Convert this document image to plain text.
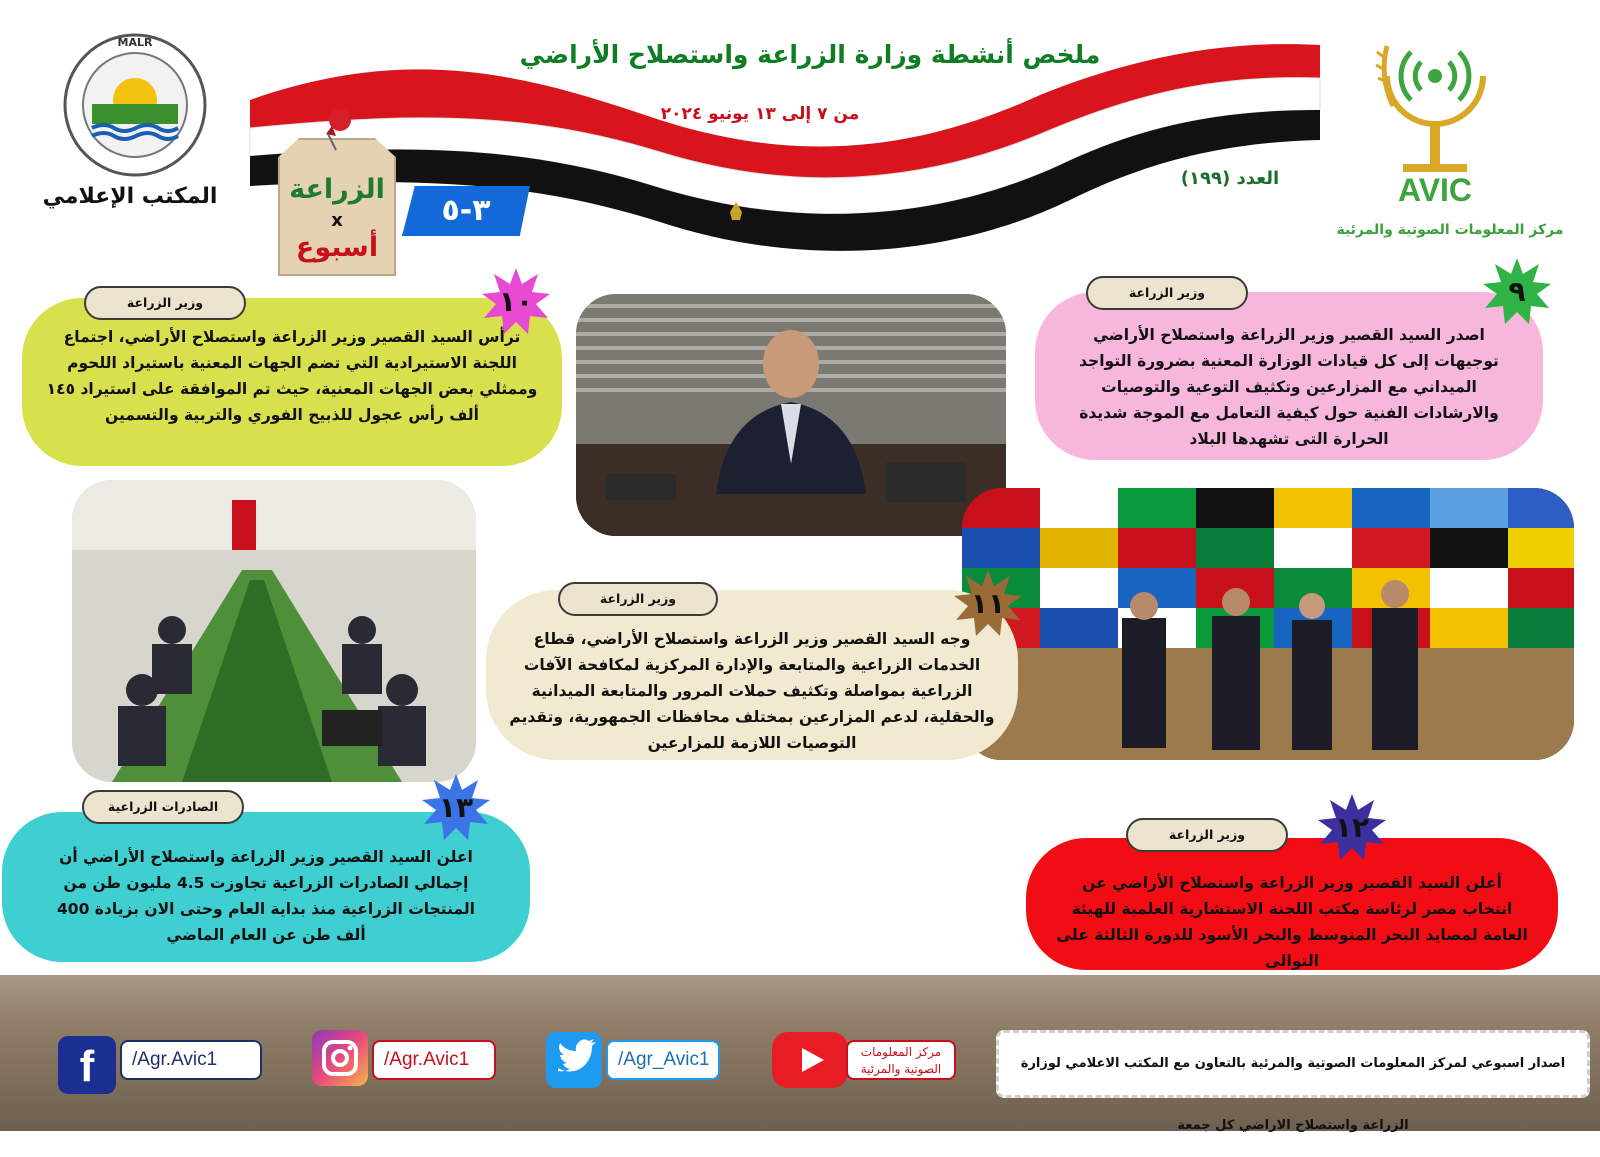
ملخص أنشطة وزارة الزراعة واستصلاح الأراضي
من ٧ إلى ١٣ يونيو ٢٠٢٤
العدد (١٩٩)
MALR
المكتب الإعلامي	AVIC
مركز المعلومات الصوتية والمرئية
الزراعة
x
أسبوع
٣-٥
ترأس السيد القصير وزير الزراعة واستصلاح الأراضي، اجتماع اللجنة الاستيرادية التي تضم الجهات المعنية باستيراد اللحوم وممثلي بعض الجهات المعنية، حيث تم الموافقة على استيراد ١٤٥ ألف رأس عجول للذبيح الفوري والتربية والتسمين
وزير الزراعة	١٠
اصدر السيد القصير وزير الزراعة واستصلاح الأراضي توجيهات إلى كل قيادات الوزارة المعنية بضرورة التواجد الميداني مع المزارعين وتكثيف التوعية والتوصيات والارشادات الفنية حول كيفية التعامل مع الموجة شديدة الحرارة التى تشهدها البلاد
وزير الزراعة	٩
وجه السيد القصير وزير الزراعة واستصلاح الأراضي، قطاع الخدمات الزراعية والمتابعة والإدارة المركزية لمكافحة الآفات الزراعية بمواصلة وتكثيف حملات المرور والمتابعة الميدانية والحقلية، لدعم المزارعين بمختلف محافظات الجمهورية، وتقديم التوصيات اللازمة للمزارعين
وزير الزراعة	١١
اعلن السيد القصير وزير الزراعة واستصلاح الأراضي أن إجمالي الصادرات الزراعية تجاوزت 4.5 مليون طن من المنتجات الزراعية منذ بداية العام وحتى الان بزيادة 400 ألف طن عن العام الماضي
الصادرات الزراعية	١٣
أعلن السيد القصير وزير الزراعة واستصلاح الأراضي عن انتخاب مصر لرئاسة مكتب اللجنة الاستشارية العلمية للهيئة العامة لمصايد البحر المتوسط والبحر الأسود للدورة الثالثة على التوالى
وزير الزراعة	١٢
f	/Agr.Avic1	/Agr.Avic1	/Agr_Avic1	مركز المعلومات الصوتية والمرئية	اصدار اسبوعي لمركز المعلومات الصوتية والمرئية بالتعاون مع المكتب الاعلامي لوزارة الزراعة واستصلاح الاراضي كل جمعة
